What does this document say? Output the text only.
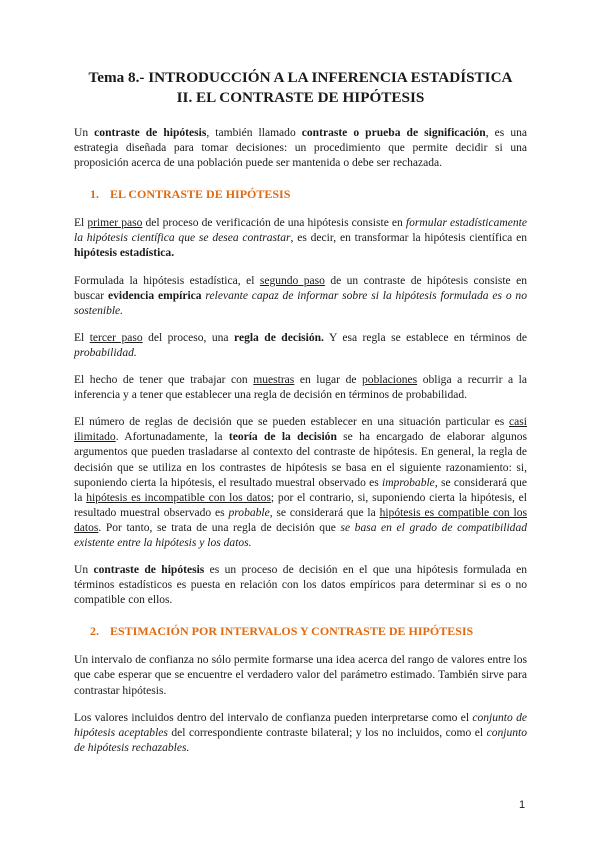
Tema 8.- INTRODUCCIÓN A LA INFERENCIA ESTADÍSTICA
II. EL CONTRASTE DE HIPÓTESIS

Un contraste de hipótesis, también llamado contraste o prueba de significación, es una estrategia diseñada para tomar decisiones: un procedimiento que permite decidir si una proposición acerca de una población puede ser mantenida o debe ser rechazada.

1. EL CONTRASTE DE HIPÓTESIS

El primer paso del proceso de verificación de una hipótesis consiste en formular estadísticamente la hipótesis científica que se desea contrastar, es decir, en transformar la hipótesis científica en hipótesis estadística.

Formulada la hipótesis estadística, el segundo paso de un contraste de hipótesis consiste en buscar evidencia empírica relevante capaz de informar sobre si la hipótesis formulada es o no sostenible.

El tercer paso del proceso, una regla de decisión. Y esa regla se establece en términos de probabilidad.

El hecho de tener que trabajar con muestras en lugar de poblaciones obliga a recurrir a la inferencia y a tener que establecer una regla de decisión en términos de probabilidad.

El número de reglas de decisión que se pueden establecer en una situación particular es casi ilimitado. Afortunadamente, la teoría de la decisión se ha encargado de elaborar algunos argumentos que pueden trasladarse al contexto del contraste de hipótesis. En general, la regla de decisión que se utiliza en los contrastes de hipótesis se basa en el siguiente razonamiento: si, suponiendo cierta la hipótesis, el resultado muestral observado es improbable, se considerará que la hipótesis es incompatible con los datos; por el contrario, si, suponiendo cierta la hipótesis, el resultado muestral observado es probable, se considerará que la hipótesis es compatible con los datos. Por tanto, se trata de una regla de decisión que se basa en el grado de compatibilidad existente entre la hipótesis y los datos.

Un contraste de hipótesis es un proceso de decisión en el que una hipótesis formulada en términos estadísticos es puesta en relación con los datos empíricos para determinar si es o no compatible con ellos.

2. ESTIMACIÓN POR INTERVALOS Y CONTRASTE DE HIPÓTESIS

Un intervalo de confianza no sólo permite formarse una idea acerca del rango de valores entre los que cabe esperar que se encuentre el verdadero valor del parámetro estimado. También sirve para contrastar hipótesis.

Los valores incluidos dentro del intervalo de confianza pueden interpretarse como el conjunto de hipótesis aceptables del correspondiente contraste bilateral; y los no incluidos, como el conjunto de hipótesis rechazables.

1
